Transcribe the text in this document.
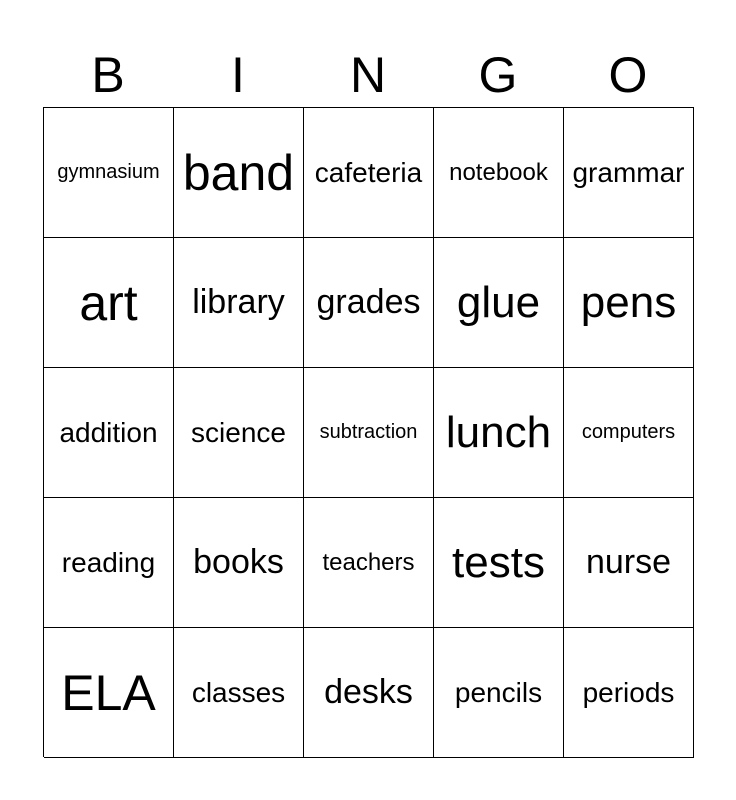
B	I	N	G	O
gymnasium band cafeteria notebook grammar
art library grades glue pens
addition science subtraction lunch computers
reading books teachers tests nurse
ELA classes desks pencils periods
